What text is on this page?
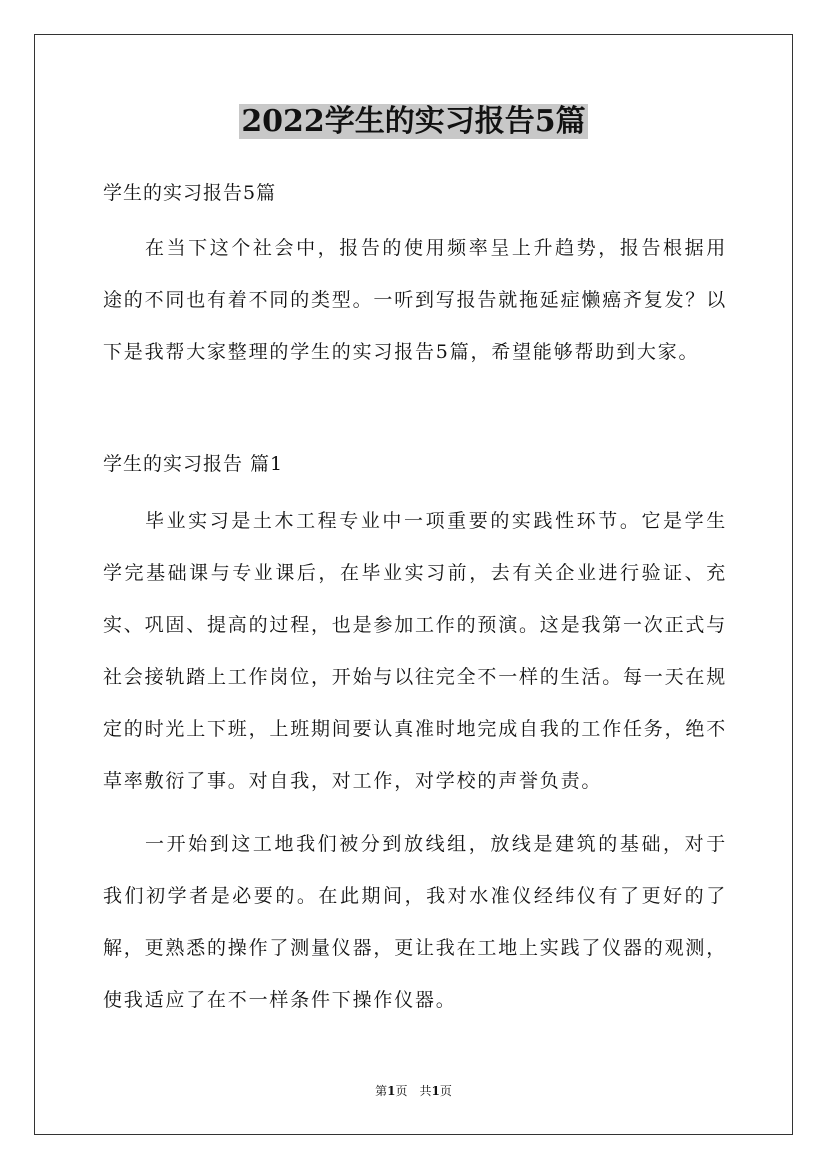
2022学生的实习报告5篇
学生的实习报告5篇

在当下这个社会中，报告的使用频率呈上升趋势，报告根据用途的不同也有着不同的类型。一听到写报告就拖延症懒癌齐复发？以下是我帮大家整理的学生的实习报告5篇，希望能够帮助到大家。

学生的实习报告 篇1

毕业实习是土木工程专业中一项重要的实践性环节。它是学生学完基础课与专业课后，在毕业实习前，去有关企业进行验证、充实、巩固、提高的过程，也是参加工作的预演。这是我第一次正式与社会接轨踏上工作岗位，开始与以往完全不一样的生活。每一天在规定的时光上下班，上班期间要认真准时地完成自我的工作任务，绝不草率敷衍了事。对自我，对工作，对学校的声誉负责。

一开始到这工地我们被分到放线组，放线是建筑的基础，对于我们初学者是必要的。在此期间，我对水准仪经纬仪有了更好的了解，更熟悉的操作了测量仪器，更让我在工地上实践了仪器的观测，使我适应了在不一样条件下操作仪器。

第1页　共1页
